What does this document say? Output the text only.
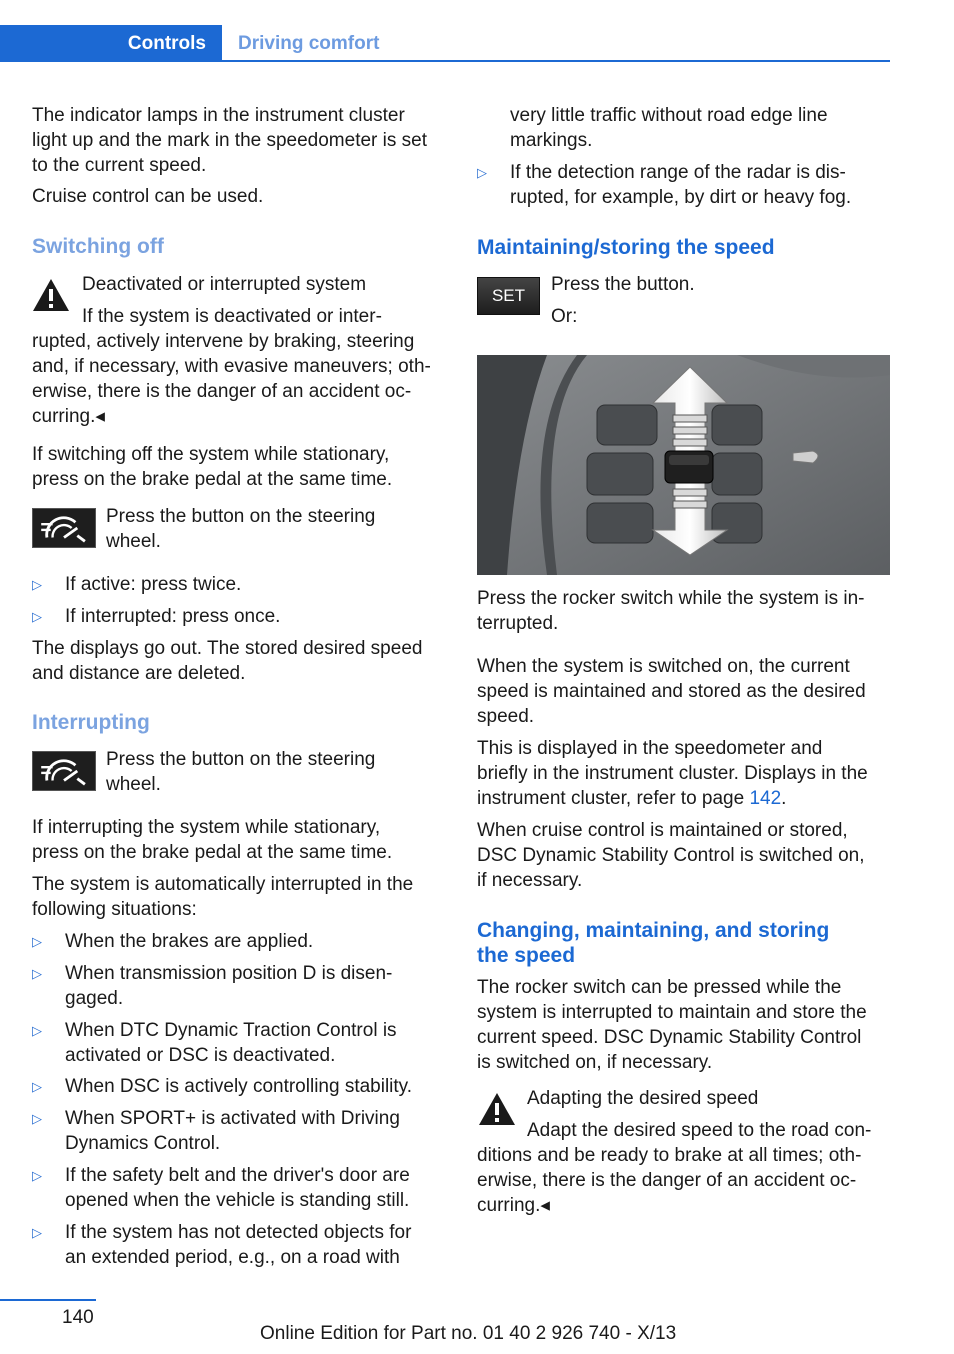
Controls	Driving comfort
The indicator lamps in the instrument cluster
light up and the mark in the speedometer is set
to the current speed.
Cruise control can be used.
Switching off
Deactivated or interrupted system
If the system is deactivated or inter-
rupted, actively intervene by braking, steering
and, if necessary, with evasive maneuvers; oth-
erwise, there is the danger of an accident oc-
curring.◂
If switching off the system while stationary,
press on the brake pedal at the same time.
Press the button on the steering
wheel.
▷ If active: press twice.
▷ If interrupted: press once.
The displays go out. The stored desired speed
and distance are deleted.
Interrupting
Press the button on the steering
wheel.
If interrupting the system while stationary,
press on the brake pedal at the same time.
The system is automatically interrupted in the
following situations:
▷ When the brakes are applied.
▷ When transmission position D is disen-
gaged.
▷ When DTC Dynamic Traction Control is
activated or DSC is deactivated.
▷ When DSC is actively controlling stability.
▷ When SPORT+ is activated with Driving
Dynamics Control.
▷ If the safety belt and the driver's door are
opened when the vehicle is standing still.
▷ If the system has not detected objects for
an extended period, e.g., on a road with
very little traffic without road edge line
markings.
▷ If the detection range of the radar is dis-
rupted, for example, by dirt or heavy fog.
Maintaining/storing the speed
SET
Press the button.
Or:
Press the rocker switch while the system is in-
terrupted.
When the system is switched on, the current
speed is maintained and stored as the desired
speed.
This is displayed in the speedometer and
briefly in the instrument cluster. Displays in the
instrument cluster, refer to page 142.
When cruise control is maintained or stored,
DSC Dynamic Stability Control is switched on,
if necessary.
Changing, maintaining, and storing
the speed
The rocker switch can be pressed while the
system is interrupted to maintain and store the
current speed. DSC Dynamic Stability Control
is switched on, if necessary.
Adapting the desired speed
Adapt the desired speed to the road con-
ditions and be ready to brake at all times; oth-
erwise, there is the danger of an accident oc-
curring.◂
140
Online Edition for Part no. 01 40 2 926 740 - X/13
